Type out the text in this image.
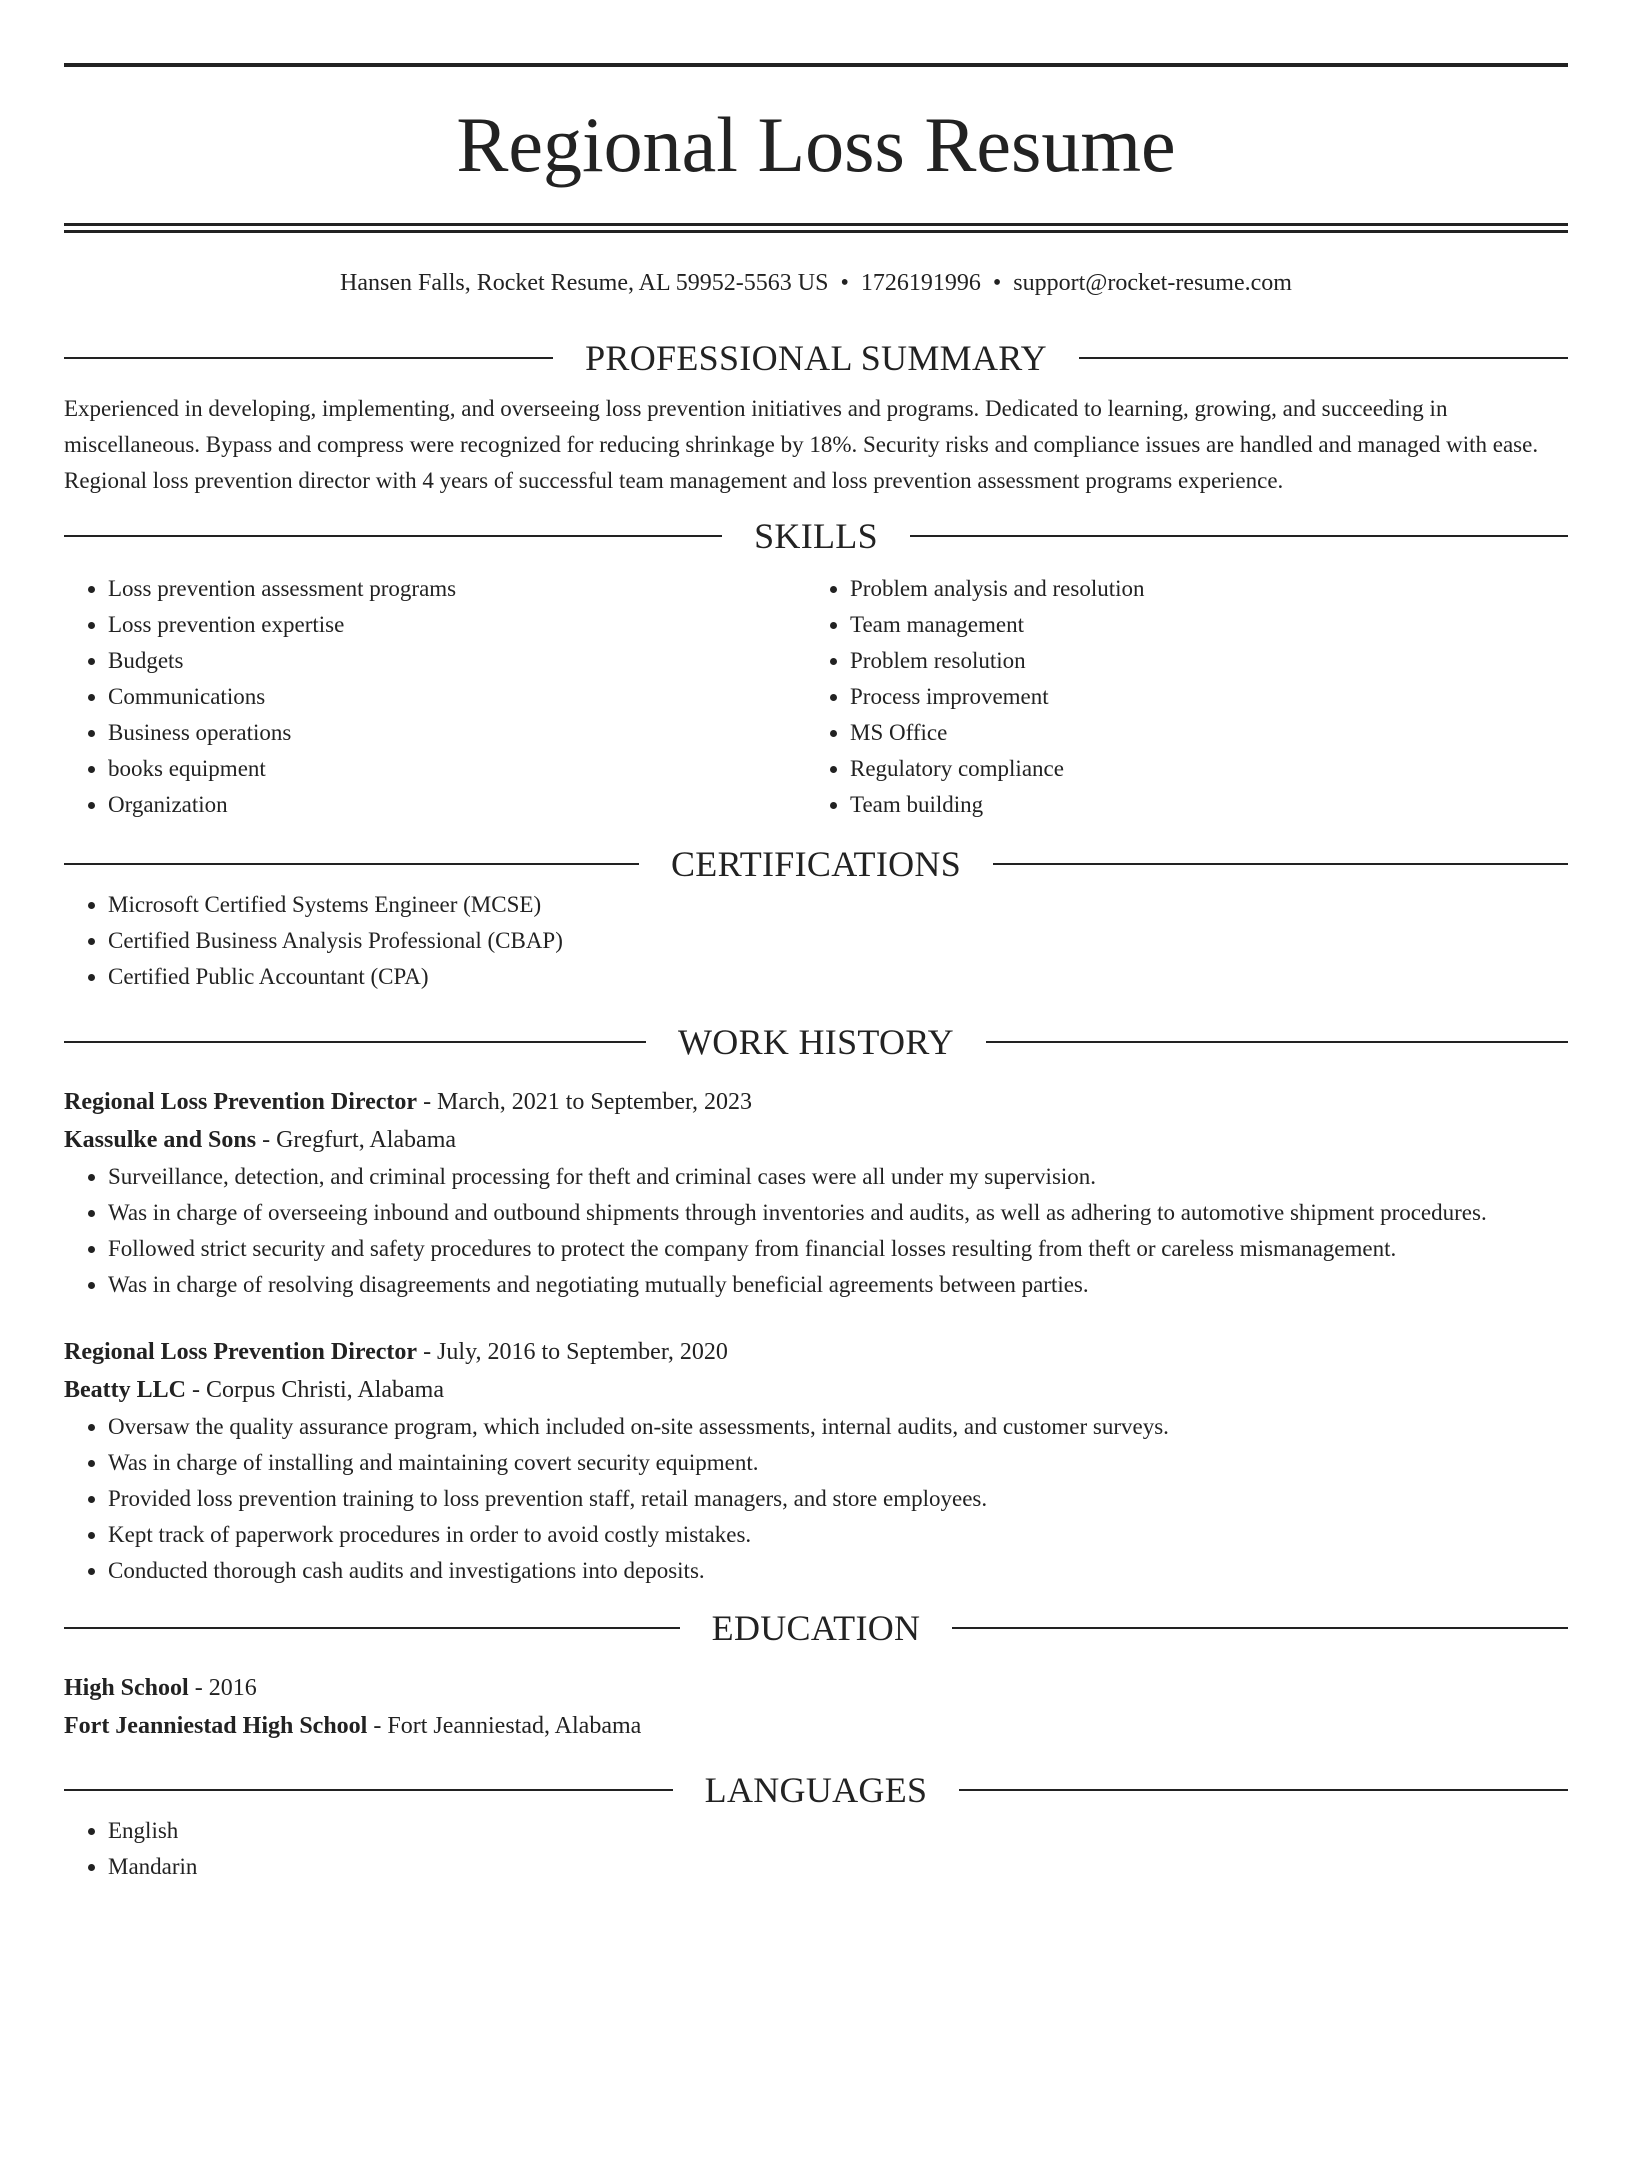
Regional Loss Resume
Hansen Falls, Rocket Resume, AL 59952-5563 US • 1726191996 • support@rocket-resume.com
PROFESSIONAL SUMMARY

Experienced in developing, implementing, and overseeing loss prevention initiatives and programs. Dedicated to learning, growing, and succeeding in miscellaneous. Bypass and compress were recognized for reducing shrinkage by 18%. Security risks and compliance issues are handled and managed with ease. Regional loss prevention director with 4 years of successful team management and loss prevention assessment programs experience.

SKILLS
• Loss prevention assessment programs
• Loss prevention expertise
• Budgets
• Communications
• Business operations
• books equipment
• Organization
• Problem analysis and resolution
• Team management
• Problem resolution
• Process improvement
• MS Office
• Regulatory compliance
• Team building
CERTIFICATIONS
• Microsoft Certified Systems Engineer (MCSE)
• Certified Business Analysis Professional (CBAP)
• Certified Public Accountant (CPA)
WORK HISTORY
Regional Loss Prevention Director - March, 2021 to September, 2023
Kassulke and Sons - Gregfurt, Alabama
• Surveillance, detection, and criminal processing for theft and criminal cases were all under my supervision.
• Was in charge of overseeing inbound and outbound shipments through inventories and audits, as well as adhering to automotive shipment procedures.
• Followed strict security and safety procedures to protect the company from financial losses resulting from theft or careless mismanagement.
• Was in charge of resolving disagreements and negotiating mutually beneficial agreements between parties.
Regional Loss Prevention Director - July, 2016 to September, 2020
Beatty LLC - Corpus Christi, Alabama
• Oversaw the quality assurance program, which included on-site assessments, internal audits, and customer surveys.
• Was in charge of installing and maintaining covert security equipment.
• Provided loss prevention training to loss prevention staff, retail managers, and store employees.
• Kept track of paperwork procedures in order to avoid costly mistakes.
• Conducted thorough cash audits and investigations into deposits.
EDUCATION
High School - 2016
Fort Jeanniestad High School - Fort Jeanniestad, Alabama
LANGUAGES
• English
• Mandarin
